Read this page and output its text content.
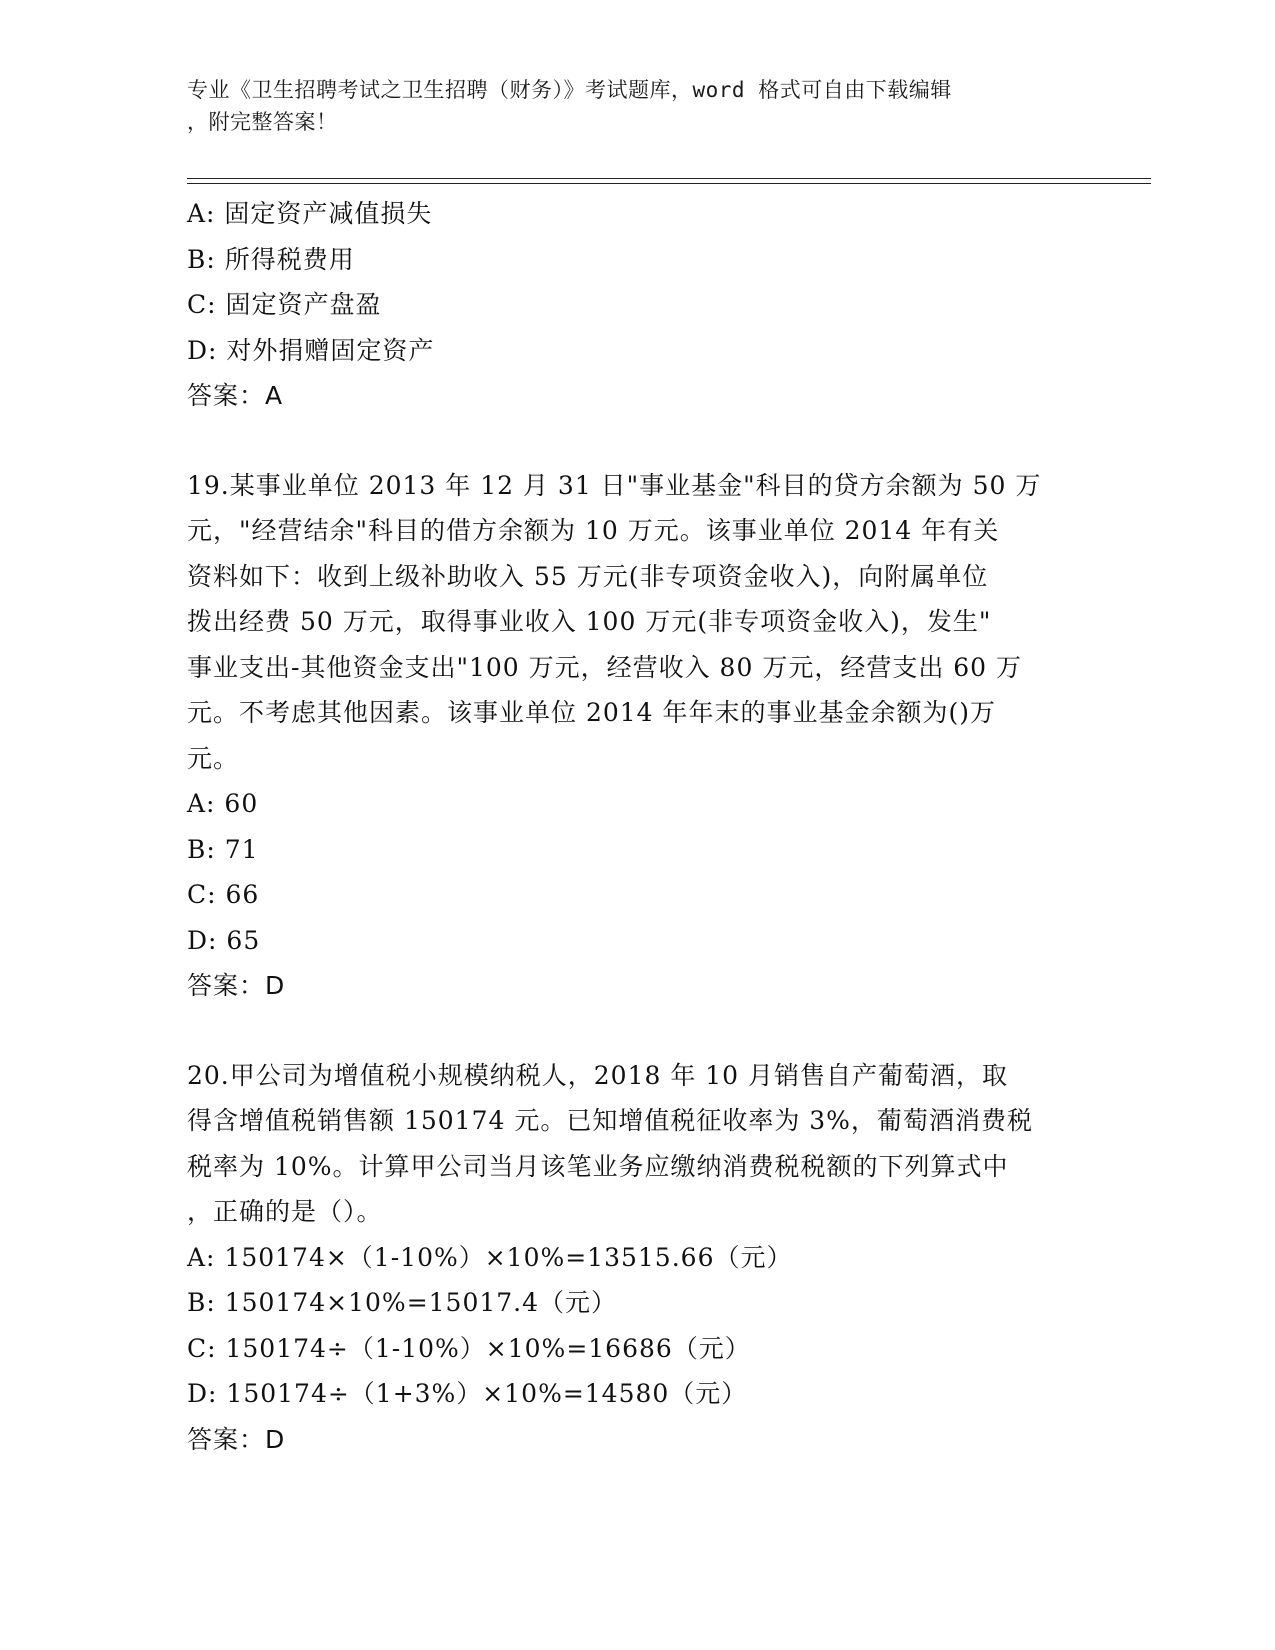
专业《卫生招聘考试之卫生招聘（财务）》考试题库，word 格式可自由下载编辑
，附完整答案！
A: 固定资产减值损失
B: 所得税费用
C: 固定资产盘盈
D: 对外捐赠固定资产
答案：A
19.某事业单位 2013 年 12 月 31 日"事业基金"科目的贷方余额为 50 万
元，"经营结余"科目的借方余额为 10 万元。该事业单位 2014 年有关
资料如下：收到上级补助收入 55 万元(非专项资金收入)，向附属单位
拨出经费 50 万元，取得事业收入 100 万元(非专项资金收入)，发生"
事业支出-其他资金支出"100 万元，经营收入 80 万元，经营支出 60 万
元。不考虑其他因素。该事业单位 2014 年年末的事业基金余额为()万
元。
A: 60
B: 71
C: 66
D: 65
答案：D
20.甲公司为增值税小规模纳税人，2018 年 10 月销售自产葡萄酒，取
得含增值税销售额 150174 元。已知增值税征收率为 3%，葡萄酒消费税
税率为 10%。计算甲公司当月该笔业务应缴纳消费税税额的下列算式中
，正确的是（）。
A: 150174×（1-10%）×10%=13515.66（元）
B: 150174×10%=15017.4（元）
C: 150174÷（1-10%）×10%=16686（元）
D: 150174÷（1+3%）×10%=14580（元）
答案：D
